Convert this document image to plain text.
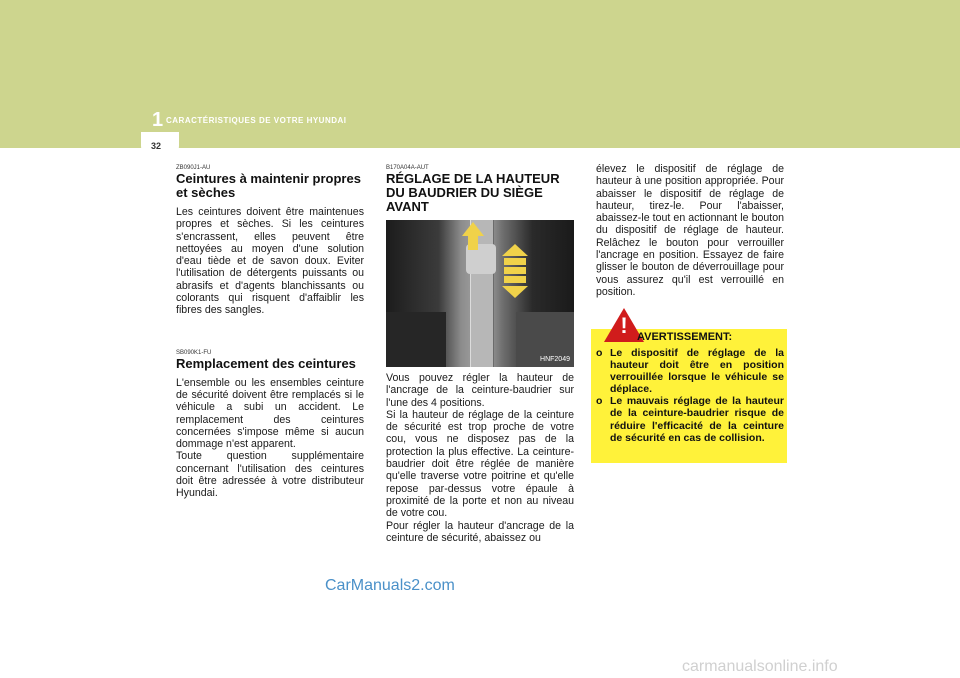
1 CARACTÉRISTIQUES DE VOTRE HYUNDAI
32
ZB090J1-AU
Ceintures à maintenir propres et sèches

Les ceintures doivent être maintenues propres et sèches. Si les ceintures s'encrassent, elles peuvent être nettoyées au moyen d'une solution d'eau tiède et de savon doux. Eviter l'utilisation de détergents puissants ou abrasifs et d'agents blanchissants ou colorants qui risquent d'affaiblir les fibres des sangles.

SB090K1-FU
Remplacement des ceintures

L'ensemble ou les ensembles ceinture de sécurité doivent être remplacés si le véhicule a subi un accident. Le remplacement des ceintures concernées s'impose même si aucun dommage n'est apparent.

Toute question supplémentaire concernant l'utilisation des ceintures doit être adressée à votre distributeur Hyundai.

B170A04A-AUT
RÉGLAGE DE LA HAUTEUR DU BAUDRIER DU SIÈGE AVANT
HNF2049

Vous pouvez régler la hauteur de l'ancrage de la ceinture-baudrier sur l'une des 4 positions.

Si la hauteur de réglage de la ceinture de sécurité est trop proche de votre cou, vous ne disposez pas de la protection la plus effective. La ceinture-baudrier doit être réglée de manière qu'elle traverse votre poitrine et qu'elle repose par-dessus votre épaule à proximité de la porte et non au niveau de votre cou.

Pour régler la hauteur d'ancrage de la ceinture de sécurité, abaissez ou

élevez le dispositif de réglage de hauteur à une position appropriée. Pour abaisser le dispositif de réglage de hauteur, tirez-le. Pour l'abaisser, abaissez-le tout en actionnant le bouton du dispositif de réglage de hauteur. Relâchez le bouton pour verrouiller l'ancrage en position. Essayez de faire glisser le bouton de déverrouillage pour vous assurez qu'il est verrouillé en position.

! AVERTISSEMENT:
o Le dispositif de réglage de la hauteur doit être en position verrouillée lorsque le véhicule se déplace.
o Le mauvais réglage de la hauteur de la ceinture-baudrier risque de réduire l'efficacité de la ceinture de sécurité en cas de collision.
CarManuals2.com
carmanualsonline.info
